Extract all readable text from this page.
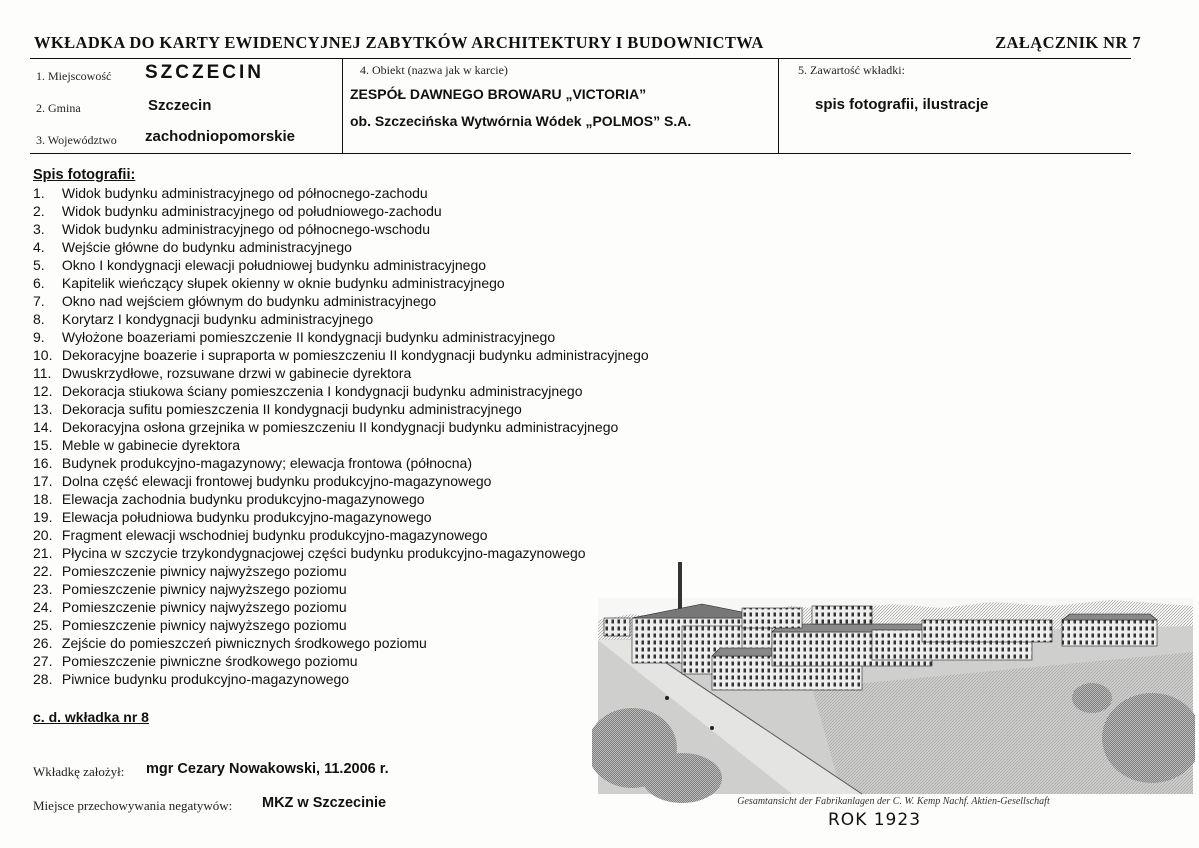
WKŁADKA DO KARTY EWIDENCYJNEJ ZABYTKÓW ARCHITEKTURY I BUDOWNICTWA	ZAŁĄCZNIK NR 7
1. Miejscowość SZCZECIN
2. Gmina	Szczecin
3. Województwo zachodniopomorskie
4. Obiekt (nazwa jak w karcie)
ZESPÓŁ DAWNEGO BROWARU „VICTORIA”
ob. Szczecińska Wytwórnia Wódek „POLMOS” S.A.
5. Zawartość wkładki:
spis fotografii, ilustracje
Spis fotografii:
1. Widok budynku administracyjnego od północnego-zachodu
2. Widok budynku administracyjnego od południowego-zachodu
3. Widok budynku administracyjnego od północnego-wschodu
4. Wejście główne do budynku administracyjnego
5. Okno I kondygnacji elewacji południowej budynku administracyjnego
6. Kapitelik wieńczący słupek okienny w oknie budynku administracyjnego
7. Okno nad wejściem głównym do budynku administracyjnego
8. Korytarz I kondygnacji budynku administracyjnego
9. Wyłożone boazeriami pomieszczenie II kondygnacji budynku administracyjnego
10. Dekoracyjne boazerie i supraporta w pomieszczeniu II kondygnacji budynku administracyjnego
11. Dwuskrzydłowe, rozsuwane drzwi w gabinecie dyrektora
12. Dekoracja stiukowa ściany pomieszczenia I kondygnacji budynku administracyjnego
13. Dekoracja sufitu pomieszczenia II kondygnacji budynku administracyjnego
14. Dekoracyjna osłona grzejnika w pomieszczeniu II kondygnacji budynku administracyjnego
15. Meble w gabinecie dyrektora
16. Budynek produkcyjno-magazynowy; elewacja frontowa (północna)
17. Dolna część elewacji frontowej budynku produkcyjno-magazynowego
18. Elewacja zachodnia budynku produkcyjno-magazynowego
19. Elewacja południowa budynku produkcyjno-magazynowego
20. Fragment elewacji wschodniej budynku produkcyjno-magazynowego
21. Płycina w szczycie trzykondygnacjowej części budynku produkcyjno-magazynowego
22. Pomieszczenie piwnicy najwyższego poziomu
23. Pomieszczenie piwnicy najwyższego poziomu
24. Pomieszczenie piwnicy najwyższego poziomu
25. Pomieszczenie piwnicy najwyższego poziomu
26. Zejście do pomieszczeń piwnicznych środkowego poziomu
27. Pomieszczenie piwniczne środkowego poziomu
28. Piwnice budynku produkcyjno-magazynowego
c. d. wkładka nr 8
Wkładkę założył: mgr Cezary Nowakowski, 11.2006 r.
Miejsce przechowywania negatywów: MKZ w Szczecinie	Gesamtansicht der Fabrikanlagen der C. W. Kemp Nachf. Aktien-Gesellschaft
ROK 1923
